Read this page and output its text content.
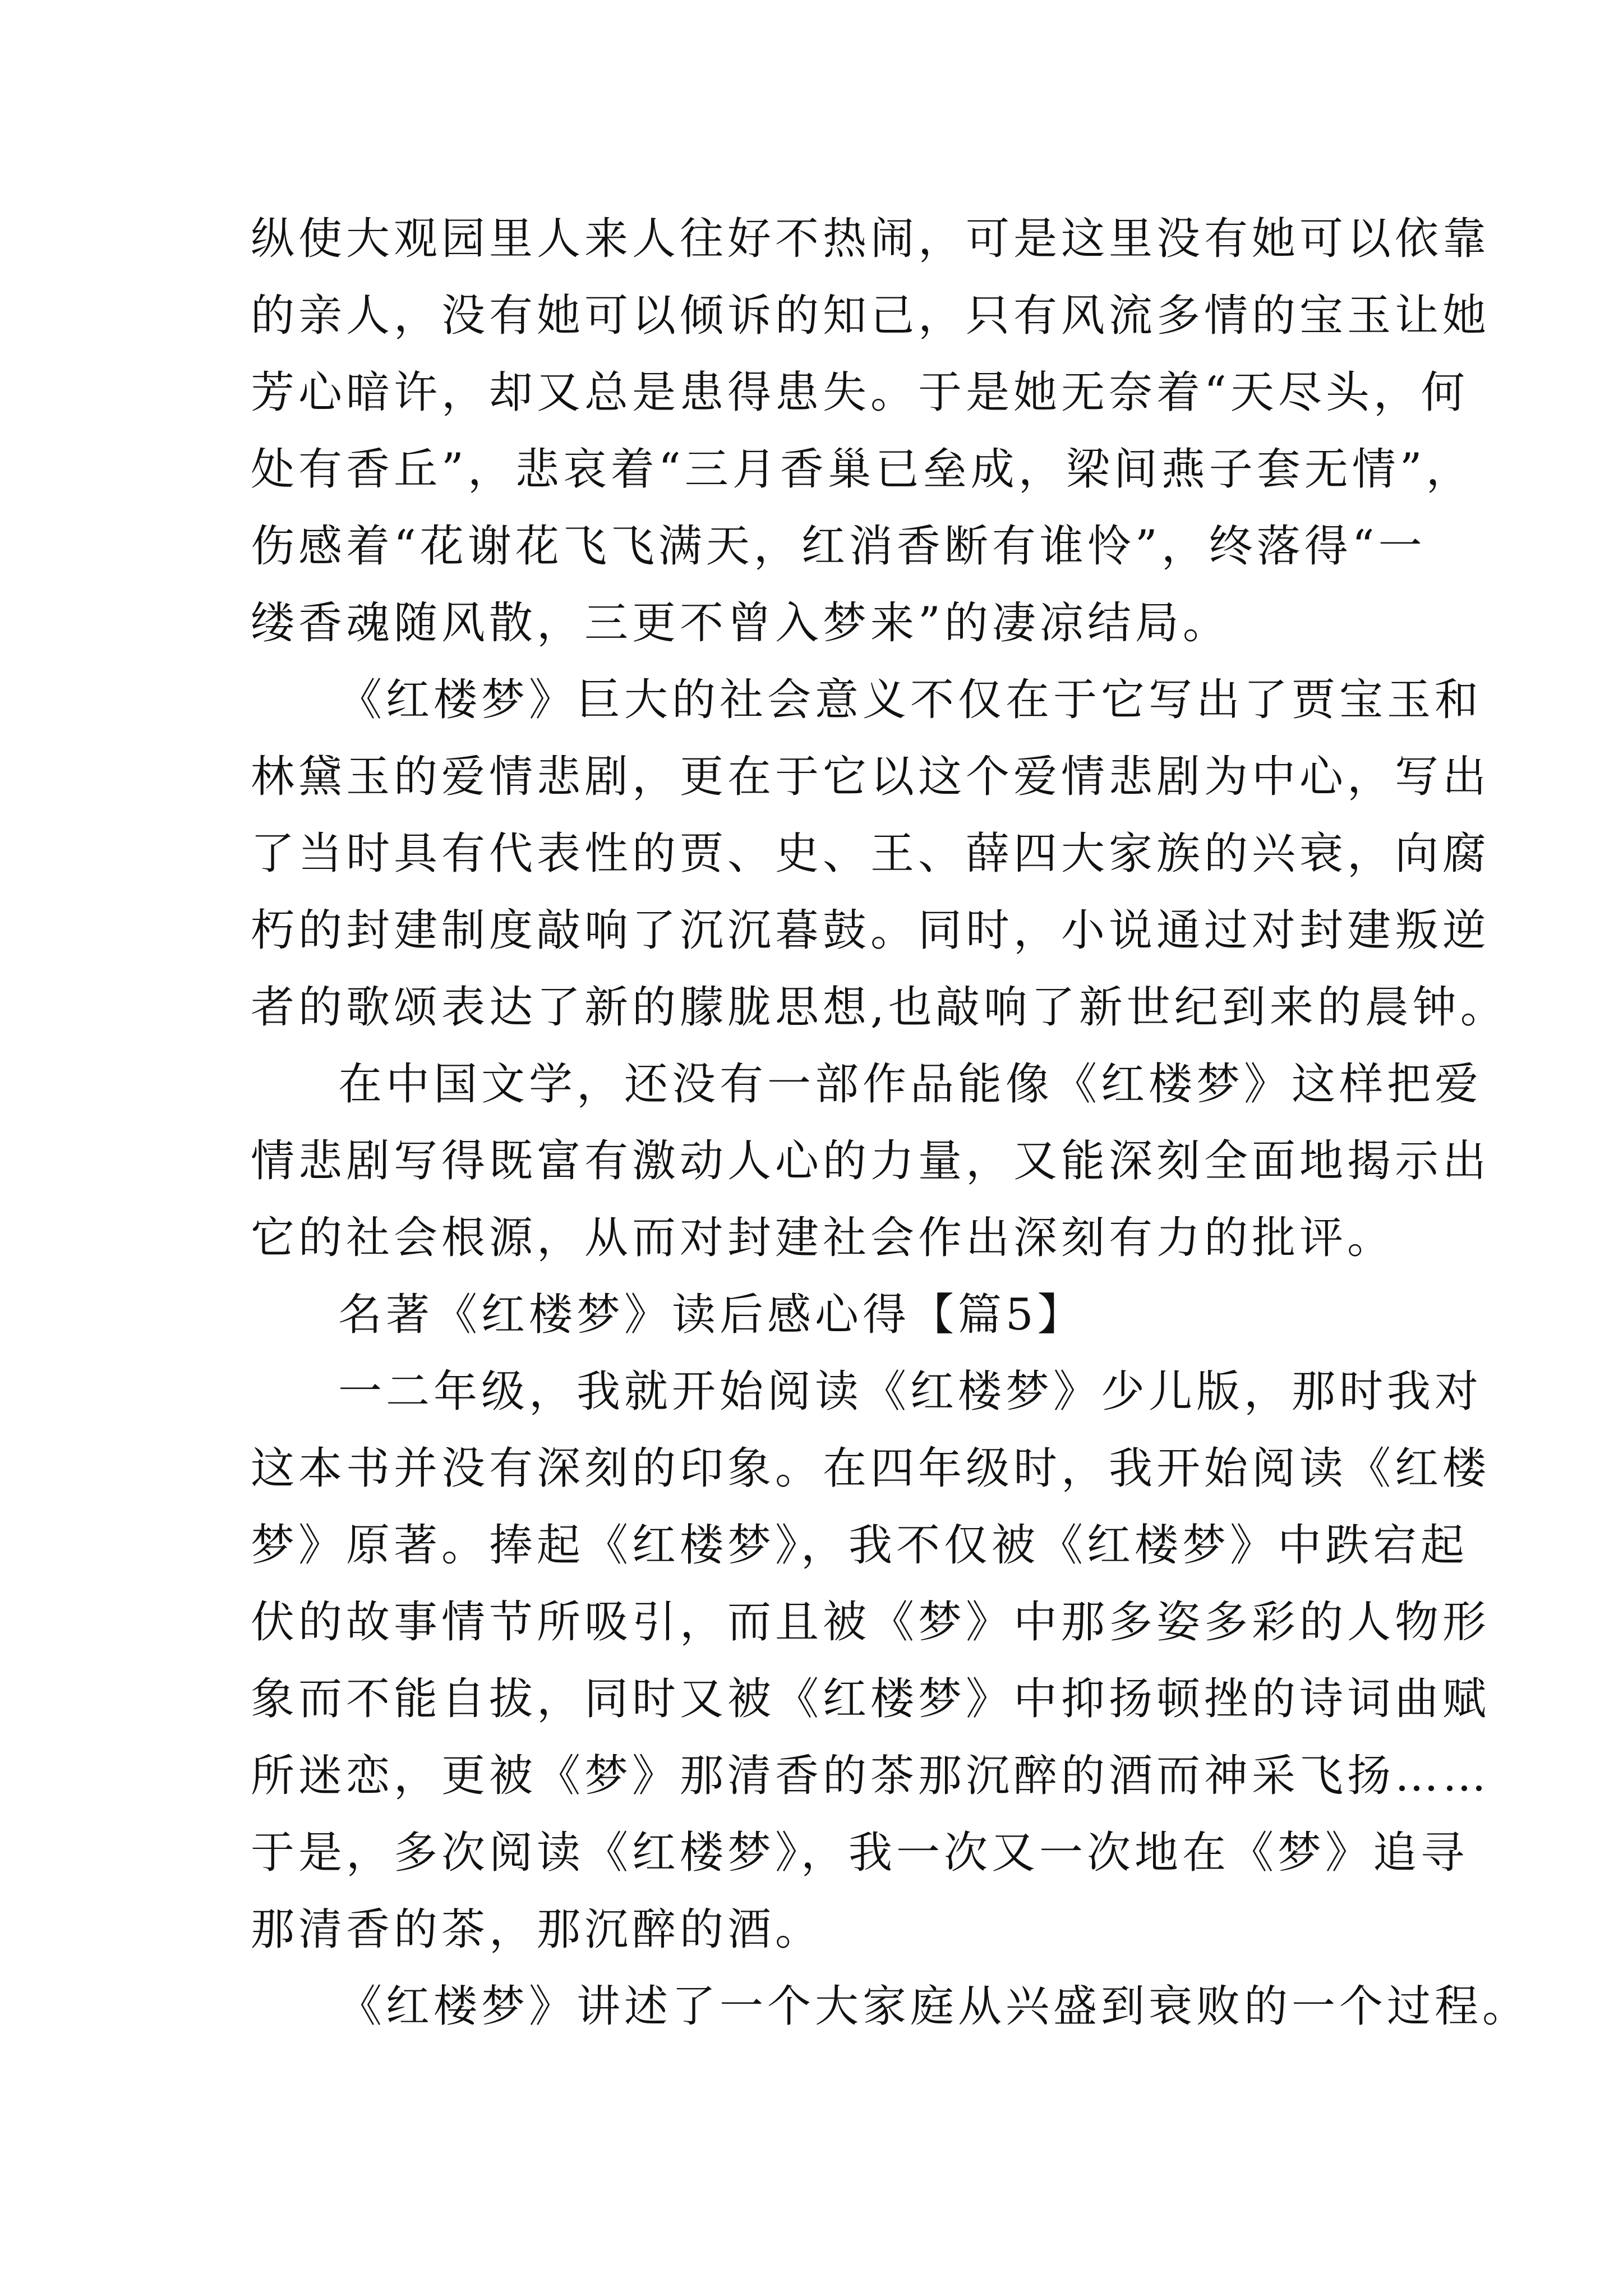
纵使大观园里人来人往好不热闹，可是这里没有她可以依靠
的亲人，没有她可以倾诉的知己，只有风流多情的宝玉让她
芳心暗许，却又总是患得患失。于是她无奈着“天尽头，何
处有香丘”，悲哀着“三月香巢已垒成，梁间燕子套无情”，
伤感着“花谢花飞飞满天，红消香断有谁怜”，终落得“一
缕香魂随风散，三更不曾入梦来”的凄凉结局。
《红楼梦》巨大的社会意义不仅在于它写出了贾宝玉和
林黛玉的爱情悲剧，更在于它以这个爱情悲剧为中心，写出
了当时具有代表性的贾、史、王、薛四大家族的兴衰，向腐
朽的封建制度敲响了沉沉暮鼓。同时，小说通过对封建叛逆
者的歌颂表达了新的朦胧思想,也敲响了新世纪到来的晨钟。
在中国文学，还没有一部作品能像《红楼梦》这样把爱
情悲剧写得既富有激动人心的力量，又能深刻全面地揭示出
它的社会根源，从而对封建社会作出深刻有力的批评。
名著《红楼梦》读后感心得【篇5】
一二年级，我就开始阅读《红楼梦》少儿版，那时我对
这本书并没有深刻的印象。在四年级时，我开始阅读《红楼
梦》原著。捧起《红楼梦》，我不仅被《红楼梦》中跌宕起
伏的故事情节所吸引，而且被《梦》中那多姿多彩的人物形
象而不能自拔，同时又被《红楼梦》中抑扬顿挫的诗词曲赋
所迷恋，更被《梦》那清香的茶那沉醉的酒而神采飞扬……
于是，多次阅读《红楼梦》，我一次又一次地在《梦》追寻
那清香的茶，那沉醉的酒。
《红楼梦》讲述了一个大家庭从兴盛到衰败的一个过程。
